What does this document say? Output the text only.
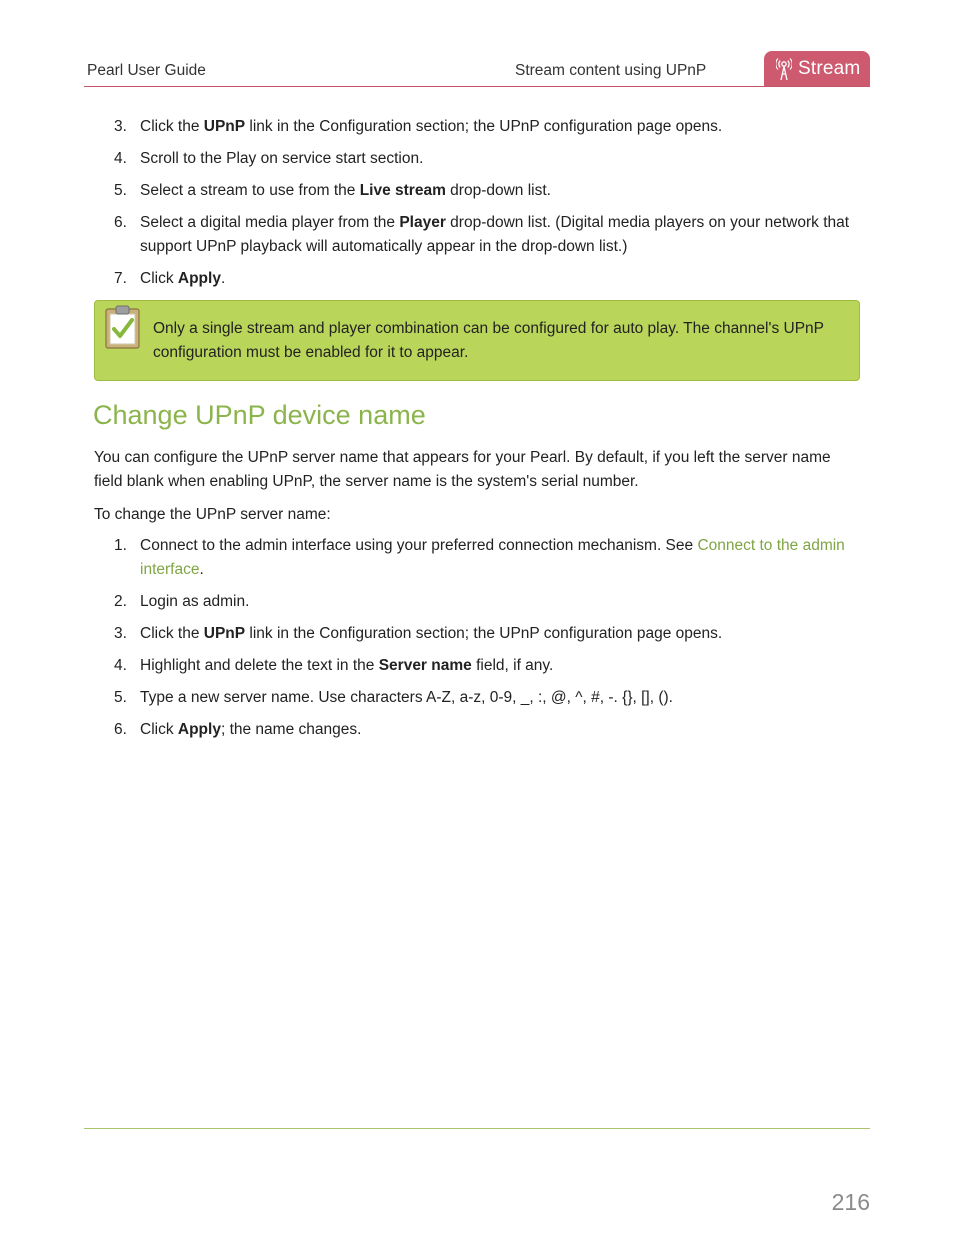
Pearl User Guide	Stream content using UPnP	Stream
3. Click the UPnP link in the Configuration section; the UPnP configuration page opens.
4. Scroll to the Play on service start section.
5. Select a stream to use from the Live stream drop-down list.
6. Select a digital media player from the Player drop-down list. (Digital media players on your network that support UPnP playback will automatically appear in the drop-down list.)
7. Click Apply.
Only a single stream and player combination can be configured for auto play. The channel's UPnP configuration must be enabled for it to appear.
Change UPnP device name

You can configure the UPnP server name that appears for your Pearl. By default, if you left the server name field blank when enabling UPnP, the server name is the system's serial number.

To change the UPnP server name:

1. Connect to the admin interface using your preferred connection mechanism. See Connect to the admin interface.
2. Login as admin.
3. Click the UPnP link in the Configuration section; the UPnP configuration page opens.
4. Highlight and delete the text in the Server name field, if any.
5. Type a new server name. Use characters A-Z, a-z, 0-9, _, :, @, ^, #, -. {}, [], ().
6. Click Apply; the name changes.
216
